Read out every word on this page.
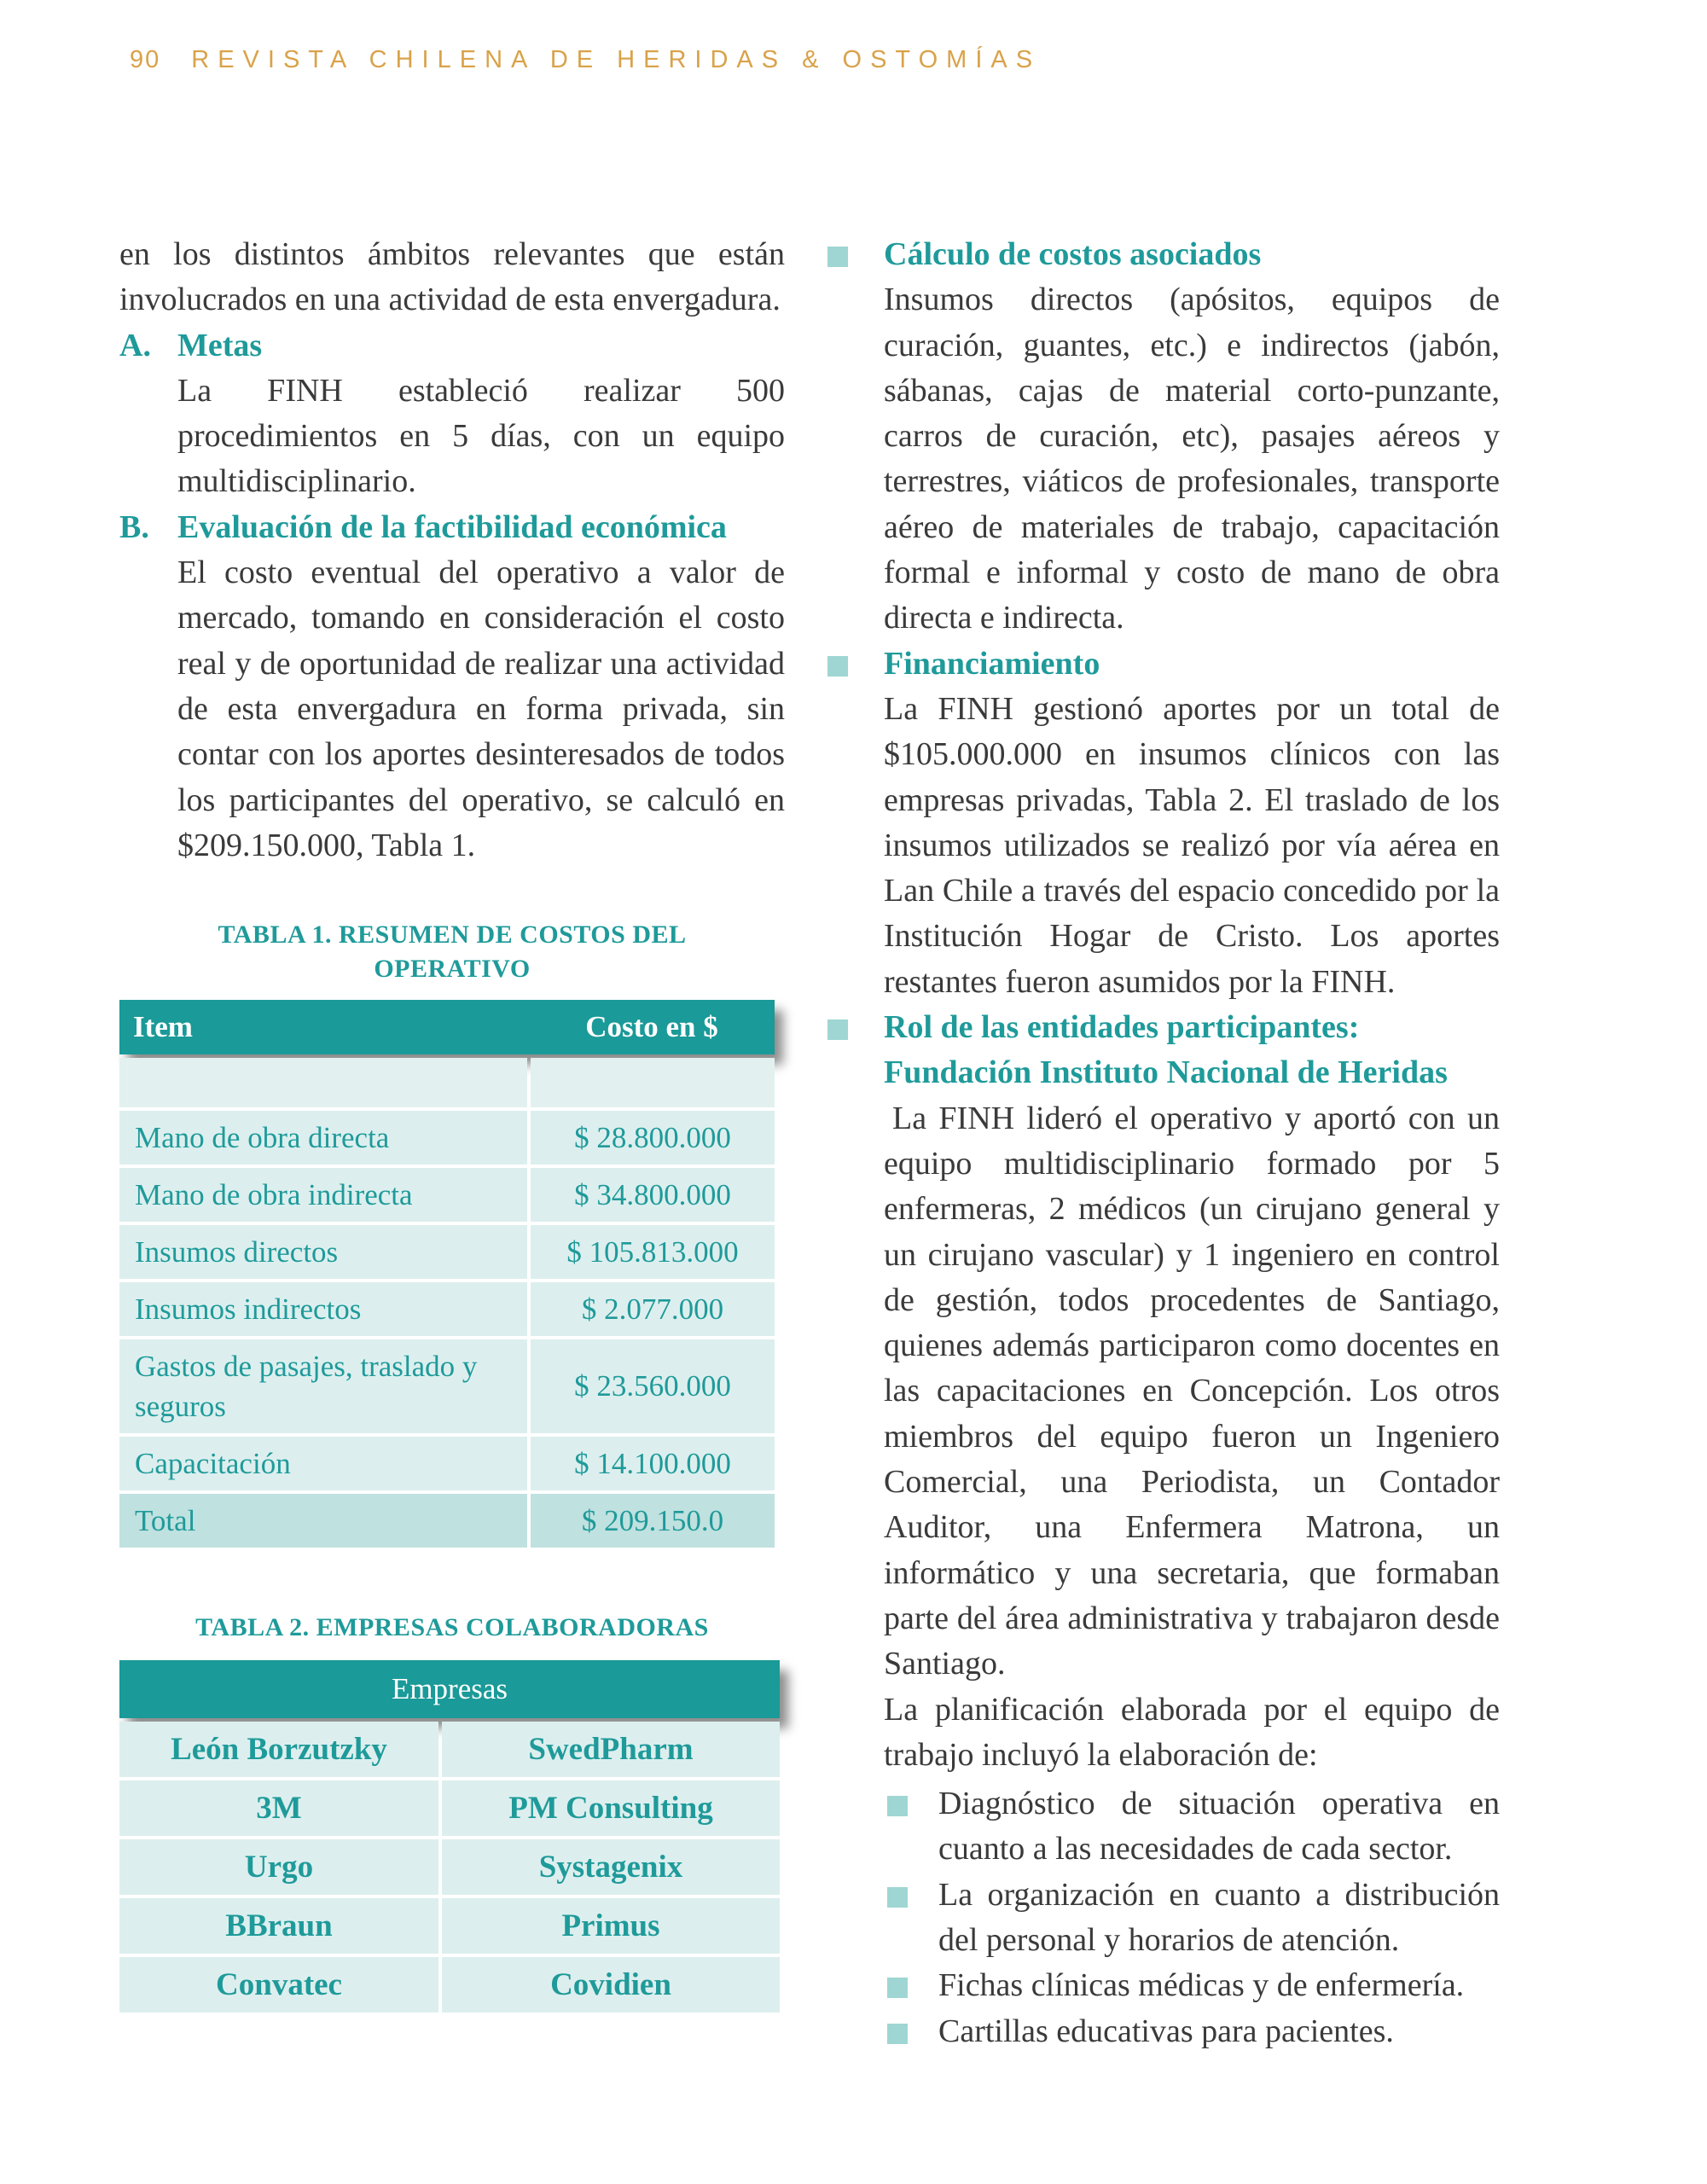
90 REVISTA CHILENA DE HERIDAS & OSTOMÍAS

en los distintos ámbitos relevantes que están involucrados en una actividad de esta envergadura.

A. Metas

La FINH estableció realizar 500 procedimientos en 5 días, con un equipo multidisciplinario.

B. Evaluación de la factibilidad económica

El costo eventual del operativo a valor de mercado, tomando en consideración el costo real y de oportunidad de realizar una actividad de esta envergadura en forma privada, sin contar con los aportes desinteresados de todos los participantes del operativo, se calculó en $209.150.000, Tabla 1.

TABLA 1. RESUMEN DE COSTOS DEL
OPERATIVO
Item	Costo en $
Mano de obra directa	$ 28.800.000
Mano de obra indirecta	$ 34.800.000
Insumos directos	$ 105.813.000
Insumos indirectos	$ 2.077.000
Gastos de pasajes, traslado y seguros
$ 23.560.000
Capacitación	$ 14.100.000
Total	$ 209.150.0
TABLA 2. EMPRESAS COLABORADORAS
Empresas
León Borzutzky	SwedPharm
3M	PM Consulting
Urgo	Systagenix
BBraun	Primus
Convatec	Covidien
Cálculo de costos asociados

Insumos directos (apósitos, equipos de curación, guantes, etc.) e indirectos (jabón, sábanas, cajas de material corto-punzante, carros de curación, etc), pasajes aéreos y terrestres, viáticos de profesionales, transporte aéreo de materiales de trabajo, capacitación formal e informal y costo de mano de obra directa e indirecta.

Financiamiento

La FINH gestionó aportes por un total de $105.000.000 en insumos clínicos con las empresas privadas, Tabla 2. El traslado de los insumos utilizados se realizó por vía aérea en Lan Chile a través del espacio concedido por la Institución Hogar de Cristo. Los aportes restantes fueron asumidos por la FINH.

Rol de las entidades participantes:
Fundación Instituto Nacional de Heridas

La FINH lideró el operativo y aportó con un equipo multidisciplinario formado por 5 enfermeras, 2 médicos (un cirujano general y un cirujano vascular) y 1 ingeniero en control de gestión, todos procedentes de Santiago, quienes además participaron como docentes en las capacitaciones en Concepción. Los otros miembros del equipo fueron un Ingeniero Comercial, una Periodista, un Contador Auditor, una Enfermera Matrona, un informático y una secretaria, que formaban parte del área administrativa y trabajaron desde Santiago.

La planificación elaborada por el equipo de trabajo incluyó la elaboración de:

Diagnóstico de situación operativa en cuanto a las necesidades de cada sector.

La organización en cuanto a distribución del personal y horarios de atención.

Fichas clínicas médicas y de enfermería.

Cartillas educativas para pacientes.
